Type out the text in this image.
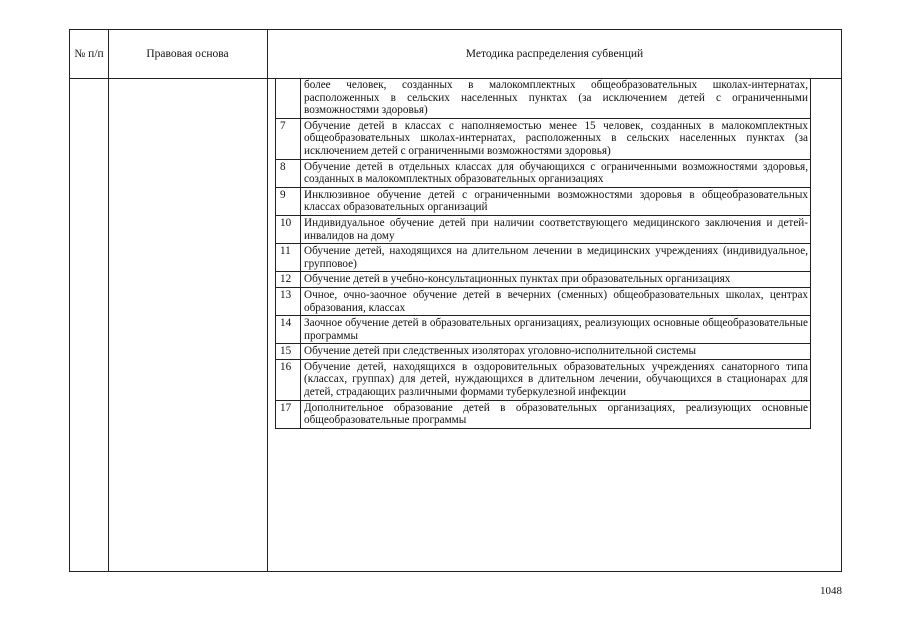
№ п/п	Правовая основа	Методика распределения субвенций
	более человек, созданных в малокомплектных общеобразовательных школах-интернатах, расположенных в сельских населенных пунктах (за исключением детей с ограниченными возможностями здоровья)
7	Обучение детей в классах с наполняемостью менее 15 человек, созданных в малокомплектных общеобразовательных школах-интернатах, расположенных в сельских населенных пунктах (за исключением детей с ограниченными возможностями здоровья)
8	Обучение детей в отдельных классах для обучающихся с ограниченными возможностями здоровья, созданных в малокомплектных образовательных организациях
9	Инклюзивное обучение детей с ограниченными возможностями здоровья в общеобразовательных классах образовательных организаций
10	Индивидуальное обучение детей при наличии соответствующего медицинского заключения и детей-инвалидов на дому
11	Обучение детей, находящихся на длительном лечении в медицинских учреждениях (индивидуальное, групповое)
12	Обучение детей в учебно-консультационных пунктах при образовательных организациях
13	Очное, очно-заочное обучение детей в вечерних (сменных) общеобразовательных школах, центрах образования, классах
14	Заочное обучение детей в образовательных организациях, реализующих основные общеобразовательные программы
15	Обучение детей при следственных изоляторах уголовно-исполнительной системы
16	Обучение детей, находящихся в оздоровительных образовательных учреждениях санаторного типа (классах, группах) для детей, нуждающихся в длительном лечении, обучающихся в стационарах для детей, страдающих различными формами туберкулезной инфекции
17	Дополнительное образование детей в образовательных организациях, реализующих основные общеобразовательные программы
1048
